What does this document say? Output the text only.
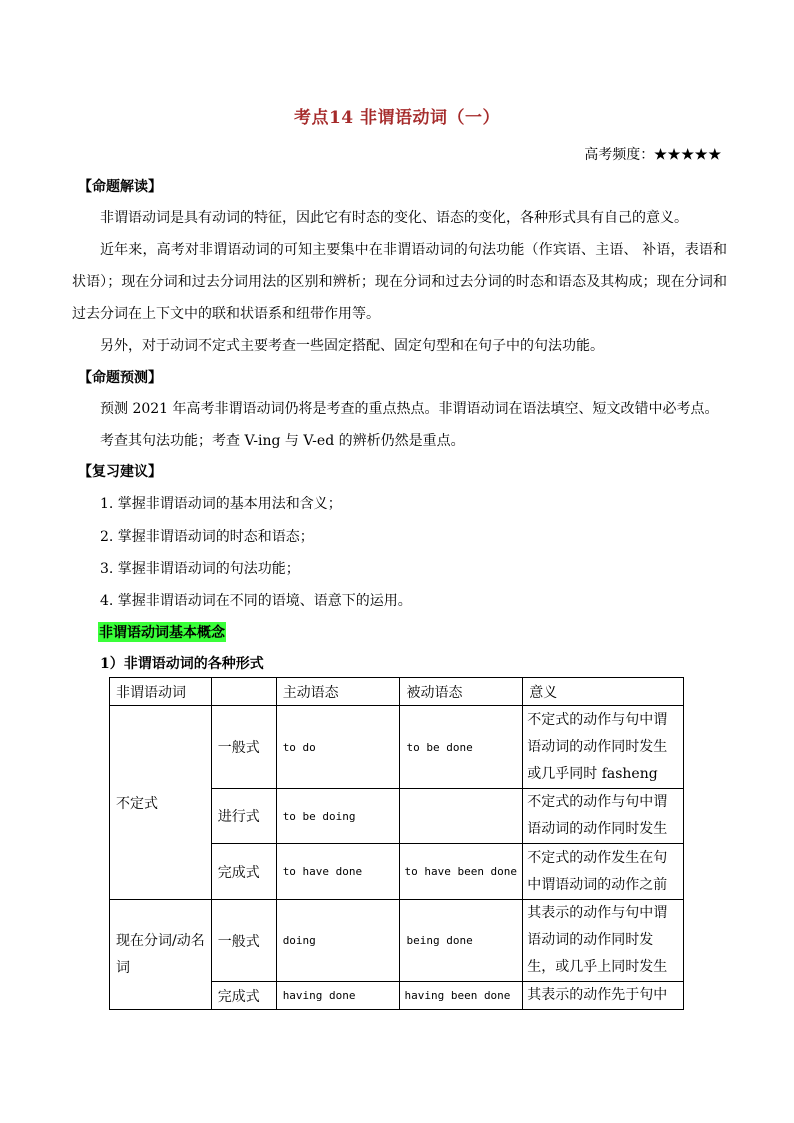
考点14 非谓语动词（一）
高考频度：★★★★★
【命题解读】
非谓语动词是具有动词的特征，因此它有时态的变化、语态的变化，各种形式具有自己的意义。
近年来，高考对非谓语动词的可知主要集中在非谓语动词的句法功能（作宾语、主语、 补语，表语和状语）；现在分词和过去分词用法的区别和辨析；现在分词和过去分词的时态和语态及其构成；现在分词和过去分词在上下文中的联和状语系和纽带作用等。
另外，对于动词不定式主要考查一些固定搭配、固定句型和在句子中的句法功能。
【命题预测】
预测 2021 年高考非谓语动词仍将是考查的重点热点。非谓语动词在语法填空、短文改错中必考点。
考查其句法功能；考查 V-ing 与 V-ed 的辨析仍然是重点。
【复习建议】
1. 掌握非谓语动词的基本用法和含义；
2. 掌握非谓语动词的时态和语态；
3. 掌握非谓语动词的句法功能；
4. 掌握非谓语动词在不同的语境、语意下的运用。
非谓语动词基本概念
1）非谓语动词的各种形式
非谓语动词		主动语态	被动语态	意义
不定式	一般式	to do	to be done	不定式的动作与句中谓语动词的动作同时发生或几乎同时 fasheng
	进行式	to be doing		不定式的动作与句中谓语动词的动作同时发生
	完成式	to have done	to have been done	不定式的动作发生在句中谓语动词的动作之前
现在分词/动名词	一般式	doing	being done	其表示的动作与句中谓语动词的动作同时发生，或几乎上同时发生
	完成式	having done	having been done	其表示的动作先于句中
